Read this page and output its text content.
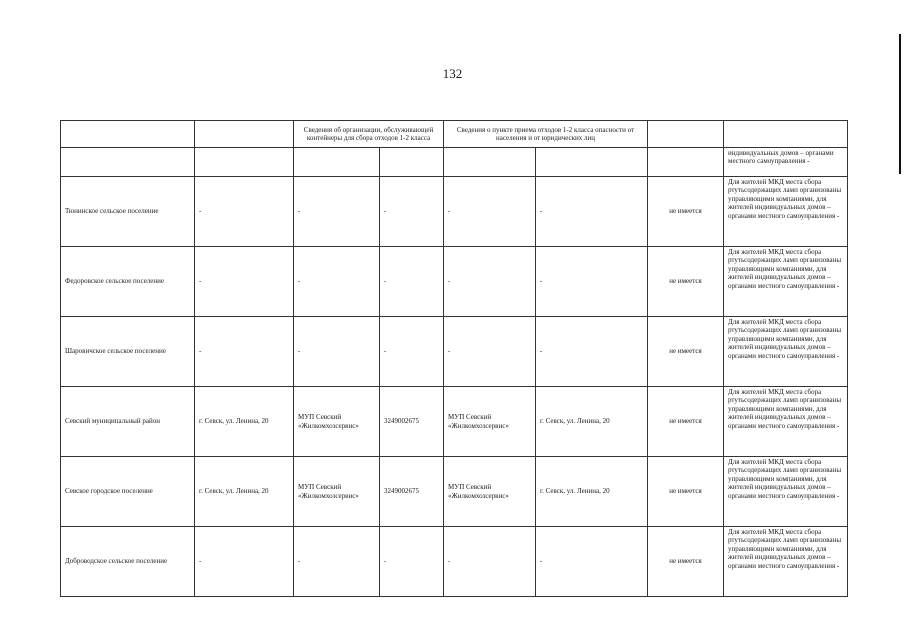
132
		Сведения об организации, обслуживающей контейнеры для сбора отходов 1-2 класса		Сведения о пункте приема отходов 1-2 класса опасности от населения и от юридических лиц			
							индивидуальных домов – органами местного самоуправления -
Тюнинское сельское поселение	-	-	-	-	-	не имеется	Для жителей МКД места сбора ртутьсодержащих ламп организованы управляющими компаниями, для жителей индивидуальных домов – органами местного самоуправления -
Федоровское сельское поселение	-	-	-	-	-	не имеется	Для жителей МКД места сбора ртутьсодержащих ламп организованы управляющими компаниями, для жителей индивидуальных домов – органами местного самоуправления -
Шаровичское сельское поселение	-	-	-	-	-	не имеется	Для жителей МКД места сбора ртутьсодержащих ламп организованы управляющими компаниями, для жителей индивидуальных домов – органами местного самоуправления -
Севский муниципальный район	г. Севск, ул. Ленина, 20	МУП Севский «Жилкомхозсервис»	3249002675	МУП Севский «Жилкомхозсервис»	г. Севск, ул. Ленина, 20	не имеется	Для жителей МКД места сбора ртутьсодержащих ламп организованы управляющими компаниями, для жителей индивидуальных домов – органами местного самоуправления -
Севское городское поселение	г. Севск, ул. Ленина, 20	МУП Севский «Жилкомхозсервис»	3249002675	МУП Севский «Жилкомхозсервис»	г. Севск, ул. Ленина, 20	не имеется	Для жителей МКД места сбора ртутьсодержащих ламп организованы управляющими компаниями, для жителей индивидуальных домов – органами местного самоуправления -
Доброводское сельское поселение	-	-	-	-	-	не имеется	Для жителей МКД места сбора ртутьсодержащих ламп организованы управляющими компаниями, для жителей индивидуальных домов – органами местного самоуправления -
